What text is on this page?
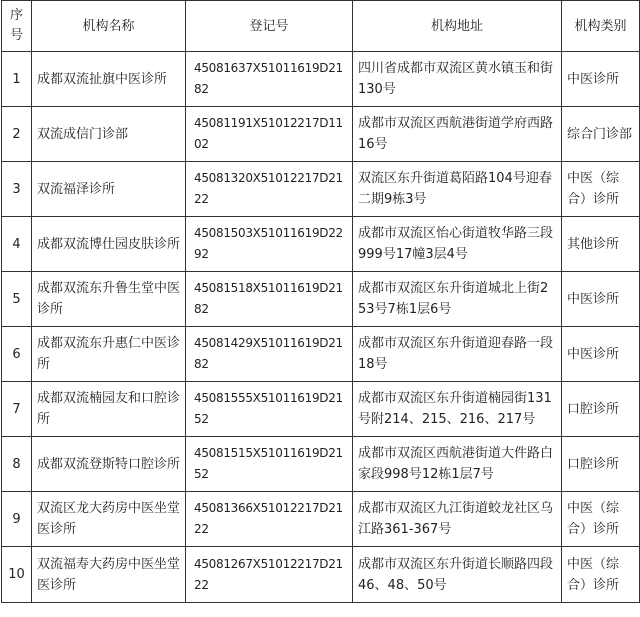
序号	机构名称	登记号	机构地址	机构类别
1	成都双流扯旗中医诊所	45081637X51011619D2182	四川省成都市双流区黄水镇玉和街130号	中医诊所
2	双流成信门诊部	45081191X51012217D1102	成都市双流区西航港街道学府西路16号	综合门诊部
3	双流福泽诊所	45081320X51012217D2122	双流区东升街道葛陌路104号迎春二期9栋3号	中医（综合）诊所
4	成都双流博仕园皮肤诊所	45081503X51011619D2292	成都市双流区怡心街道牧华路三段999号17幢3层4号	其他诊所
5	成都双流东升鲁生堂中医诊所	45081518X51011619D2182	成都市双流区东升街道城北上街253号7栋1层6号	中医诊所
6	成都双流东升惠仁中医诊所	45081429X51011619D2182	成都市双流区东升街道迎春路一段18号	中医诊所
7	成都双流楠园友和口腔诊所	45081555X51011619D2152	成都市双流区东升街道楠园街131号附214、215、216、217号	口腔诊所
8	成都双流登斯特口腔诊所	45081515X51011619D2152	成都市双流区西航港街道大件路白家段998号12栋1层7号	口腔诊所
9	双流区龙大药房中医坐堂医诊所	45081366X51012217D2122	成都市双流区九江街道蛟龙社区乌江路361-367号	中医（综合）诊所
10	双流福寿大药房中医坐堂医诊所	45081267X51012217D2122	成都市双流区东升街道长顺路四段46、48、50号	中医（综合）诊所
